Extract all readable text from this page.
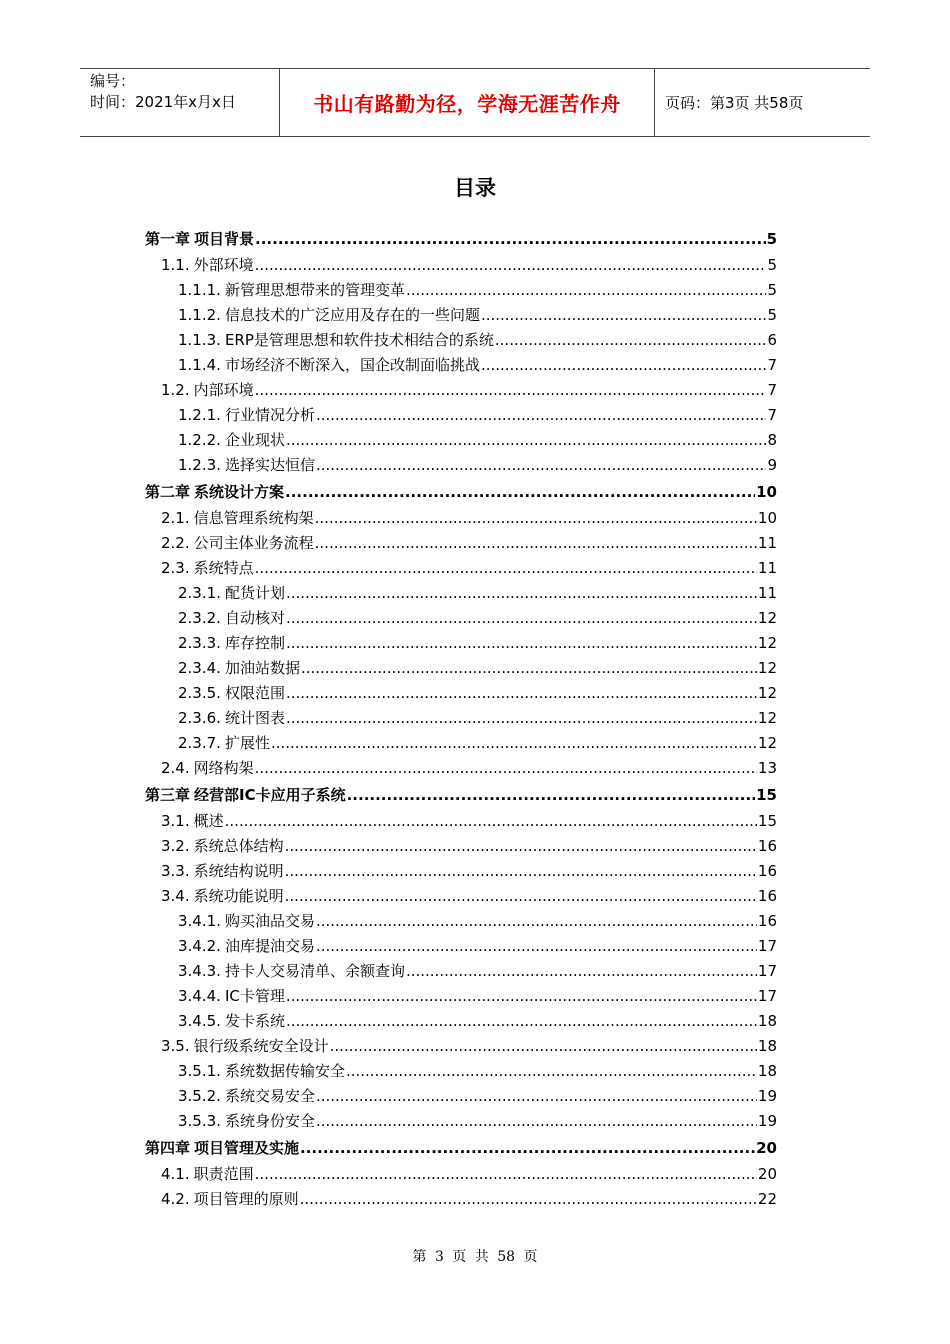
编号：
时间：2021年x月x日	书山有路勤为径，学海无涯苦作舟	页码：第3页 共58页
目录
第一章 项目背景 .....	5
1.1. 外部环境 .....	5
1.1.1. 新管理思想带来的管理变革 .....	5
1.1.2. 信息技术的广泛应用及存在的一些问题 .....	5
1.1.3. ERP是管理思想和软件技术相结合的系统 .....	6
1.1.4. 市场经济不断深入，国企改制面临挑战 .....	7
1.2. 内部环境 .....	7
1.2.1. 行业情况分析 .....	7
1.2.2. 企业现状 .....	8
1.2.3. 选择实达恒信 .....	9
第二章 系统设计方案 .....	10
2.1. 信息管理系统构架 .....	10
2.2. 公司主体业务流程 .....	11
2.3. 系统特点 .....	11
2.3.1. 配货计划 .....	11
2.3.2. 自动核对 .....	12
2.3.3. 库存控制 .....	12
2.3.4. 加油站数据 .....	12
2.3.5. 权限范围 .....	12
2.3.6. 统计图表 .....	12
2.3.7. 扩展性 .....	12
2.4. 网络构架 .....	13
第三章 经营部IC卡应用子系统 .....	15
3.1. 概述 .....	15
3.2. 系统总体结构 .....	16
3.3. 系统结构说明 .....	16
3.4. 系统功能说明 .....	16
3.4.1. 购买油品交易 .....	16
3.4.2. 油库提油交易 .....	17
3.4.3. 持卡人交易清单、余额查询 .....	17
3.4.4. IC卡管理 .....	17
3.4.5. 发卡系统 .....	18
3.5. 银行级系统安全设计 .....	18
3.5.1. 系统数据传输安全 .....	18
3.5.2. 系统交易安全 .....	19
3.5.3. 系统身份安全 .....	19
第四章 项目管理及实施 .....	20
4.1. 职责范围 .....	20
4.2. 项目管理的原则 .....	22
第 3 页 共 58 页
